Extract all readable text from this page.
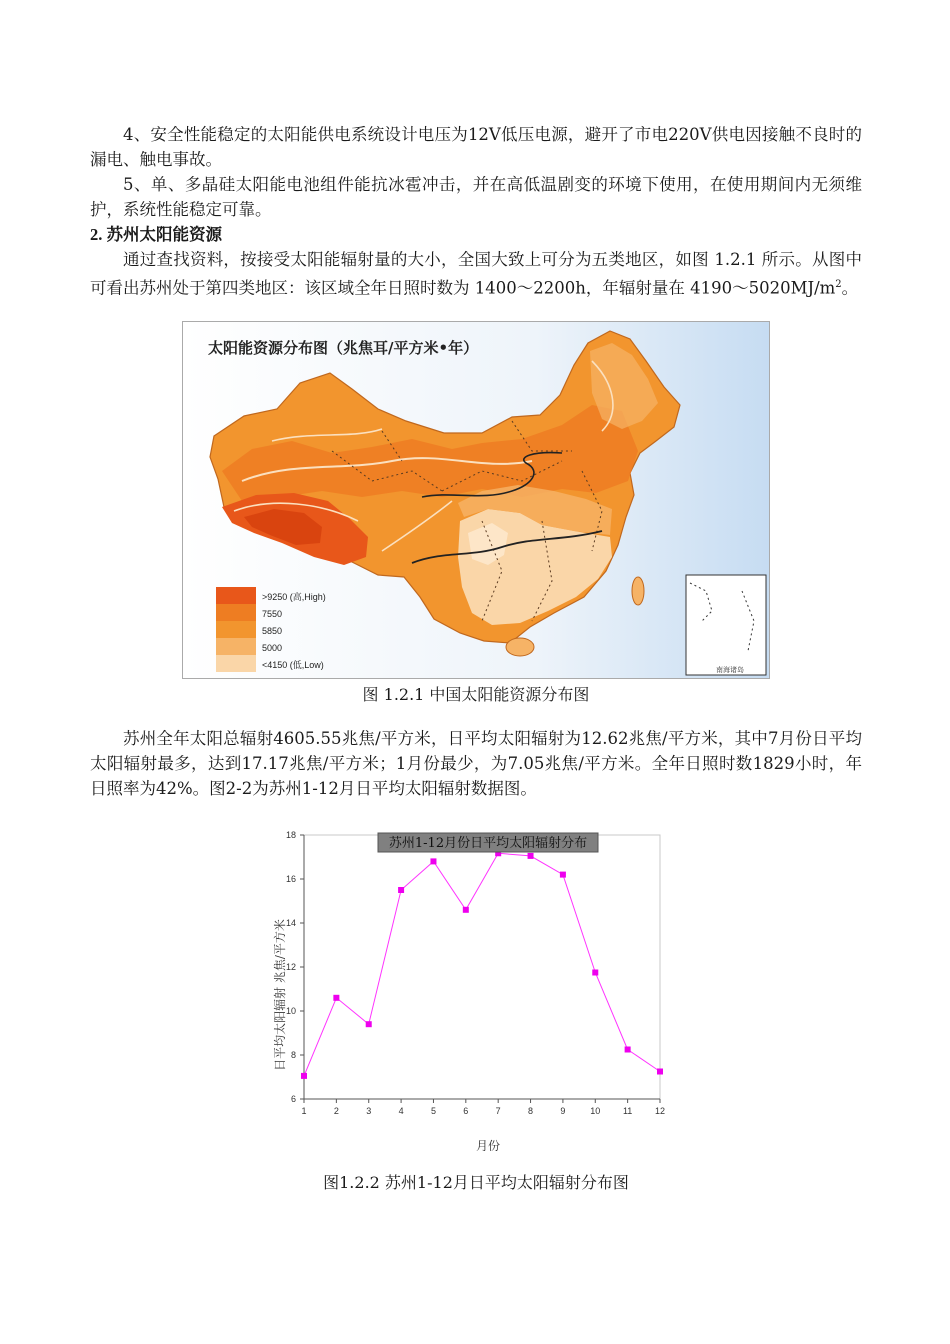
4、安全性能稳定的太阳能供电系统设计电压为12V低压电源，避开了市电220V供电因接触不良时的漏电、触电事故。

5、单、多晶硅太阳能电池组件能抗冰雹冲击，并在高低温剧变的环境下使用，在使用期间内无须维护，系统性能稳定可靠。

2. 苏州太阳能资源

通过查找资料，按接受太阳能辐射量的大小，全国大致上可分为五类地区，如图 1.2.1 所示。从图中可看出苏州处于第四类地区：该区域全年日照时数为 1400～2200h，年辐射量在 $4190\sim 5020MJ/m^2$。

南海诸岛
太阳能资源分布图（兆焦耳/平方米•年）
>9250 (高,High)
7550
5850
5000
<4150 (低,Low)
图 1.2.1 中国太阳能资源分布图

苏州全年太阳总辐射4605.55兆焦/平方米，日平均太阳辐射为12.62兆焦/平方米，其中7月份日平均太阳辐射最多，达到17.17兆焦/平方米；1月份最少，为7.05兆焦/平方米。全年日照时数1829小时，年日照率为42%。图2-2为苏州1-12月日平均太阳辐射数据图。

6
8
10
12
14
16
18
1	2	3	4	5	6	7	8	9	10	11	12
苏州1-12月份日平均太阳辐射分布
月份
日平均太阳辐射 兆焦/平方米
图1.2.2 苏州1-12月日平均太阳辐射分布图
